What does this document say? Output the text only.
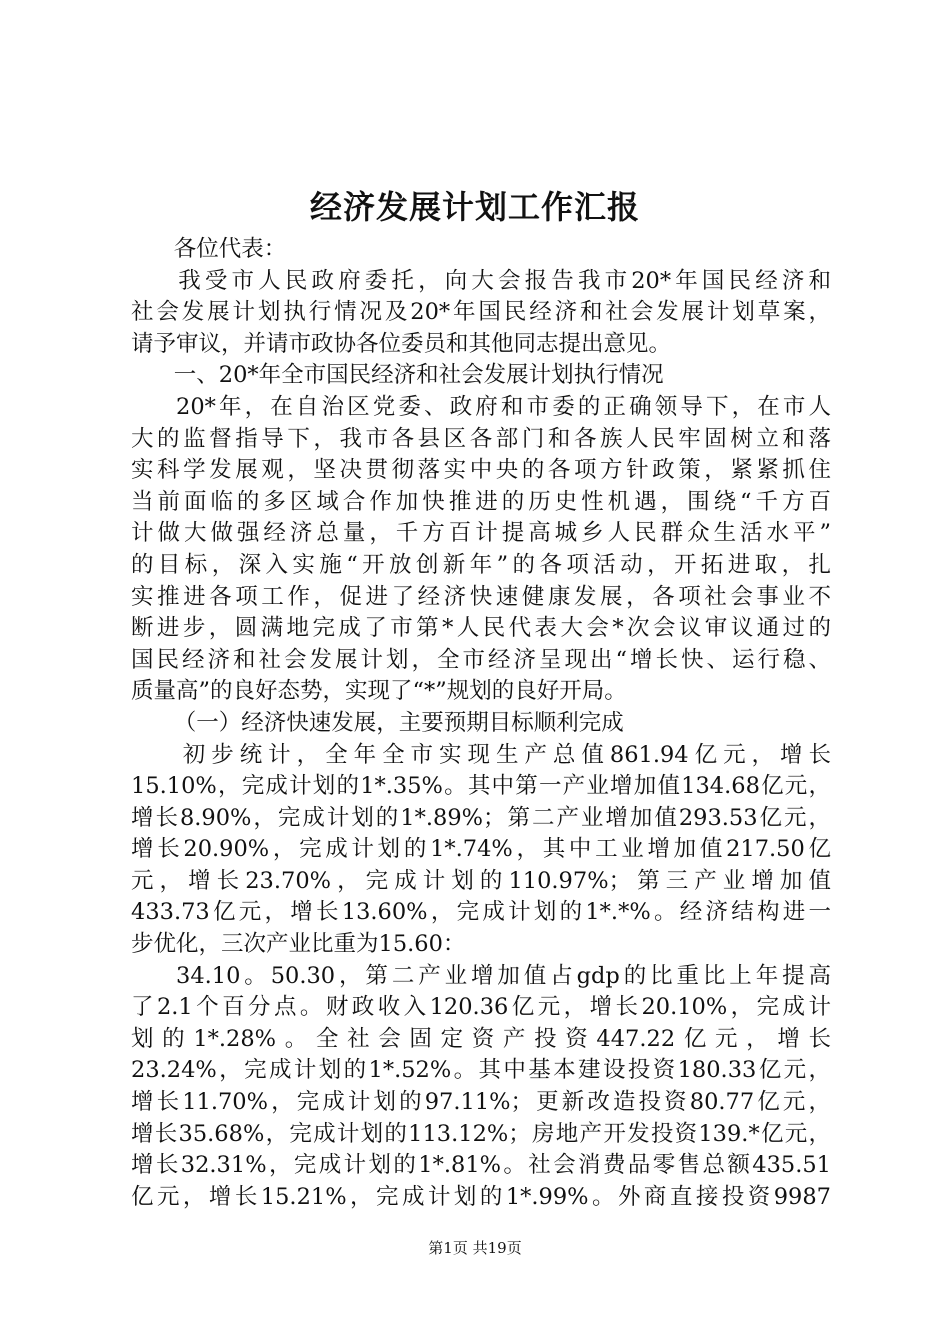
经济发展计划工作汇报
各位代表：
我受市人民政府委托，向大会报告我市20*年国民经济和
社会发展计划执行情况及20*年国民经济和社会发展计划草案，
请予审议，并请市政协各位委员和其他同志提出意见。
一、20*年全市国民经济和社会发展计划执行情况
20*年，在自治区党委、政府和市委的正确领导下，在市人
大的监督指导下，我市各县区各部门和各族人民牢固树立和落
实科学发展观，坚决贯彻落实中央的各项方针政策，紧紧抓住
当前面临的多区域合作加快推进的历史性机遇，围绕“千方百
计做大做强经济总量，千方百计提高城乡人民群众生活水平”
的目标，深入实施“开放创新年”的各项活动，开拓进取，扎
实推进各项工作，促进了经济快速健康发展，各项社会事业不
断进步，圆满地完成了市第*人民代表大会*次会议审议通过的
国民经济和社会发展计划，全市经济呈现出“增长快、运行稳、
质量高”的良好态势，实现了“*”规划的良好开局。
（一）经济快速发展，主要预期目标顺利完成
初步统计，全年全市实现生产总值861.94亿元，增长
15.10%，完成计划的1*.35%。其中第一产业增加值134.68亿元，
增长8.90%，完成计划的1*.89%；第二产业增加值293.53亿元，
增长20.90%，完成计划的1*.74%，其中工业增加值217.50亿
元，增长23.70%，完成计划的110.97%；第三产业增加值
433.73亿元，增长13.60%，完成计划的1*.*%。经济结构进一
步优化，三次产业比重为15.60：
34.10。50.30，第二产业增加值占gdp的比重比上年提高
了2.1个百分点。财政收入120.36亿元，增长20.10%，完成计
划的1*.28%。全社会固定资产投资447.22亿元，增长
23.24%，完成计划的1*.52%。其中基本建设投资180.33亿元，
增长11.70%，完成计划的97.11%；更新改造投资80.77亿元，
增长35.68%，完成计划的113.12%；房地产开发投资139.*亿元，
增长32.31%，完成计划的1*.81%。社会消费品零售总额435.51
亿元，增长15.21%，完成计划的1*.99%。外商直接投资9987
第1页 共19页
